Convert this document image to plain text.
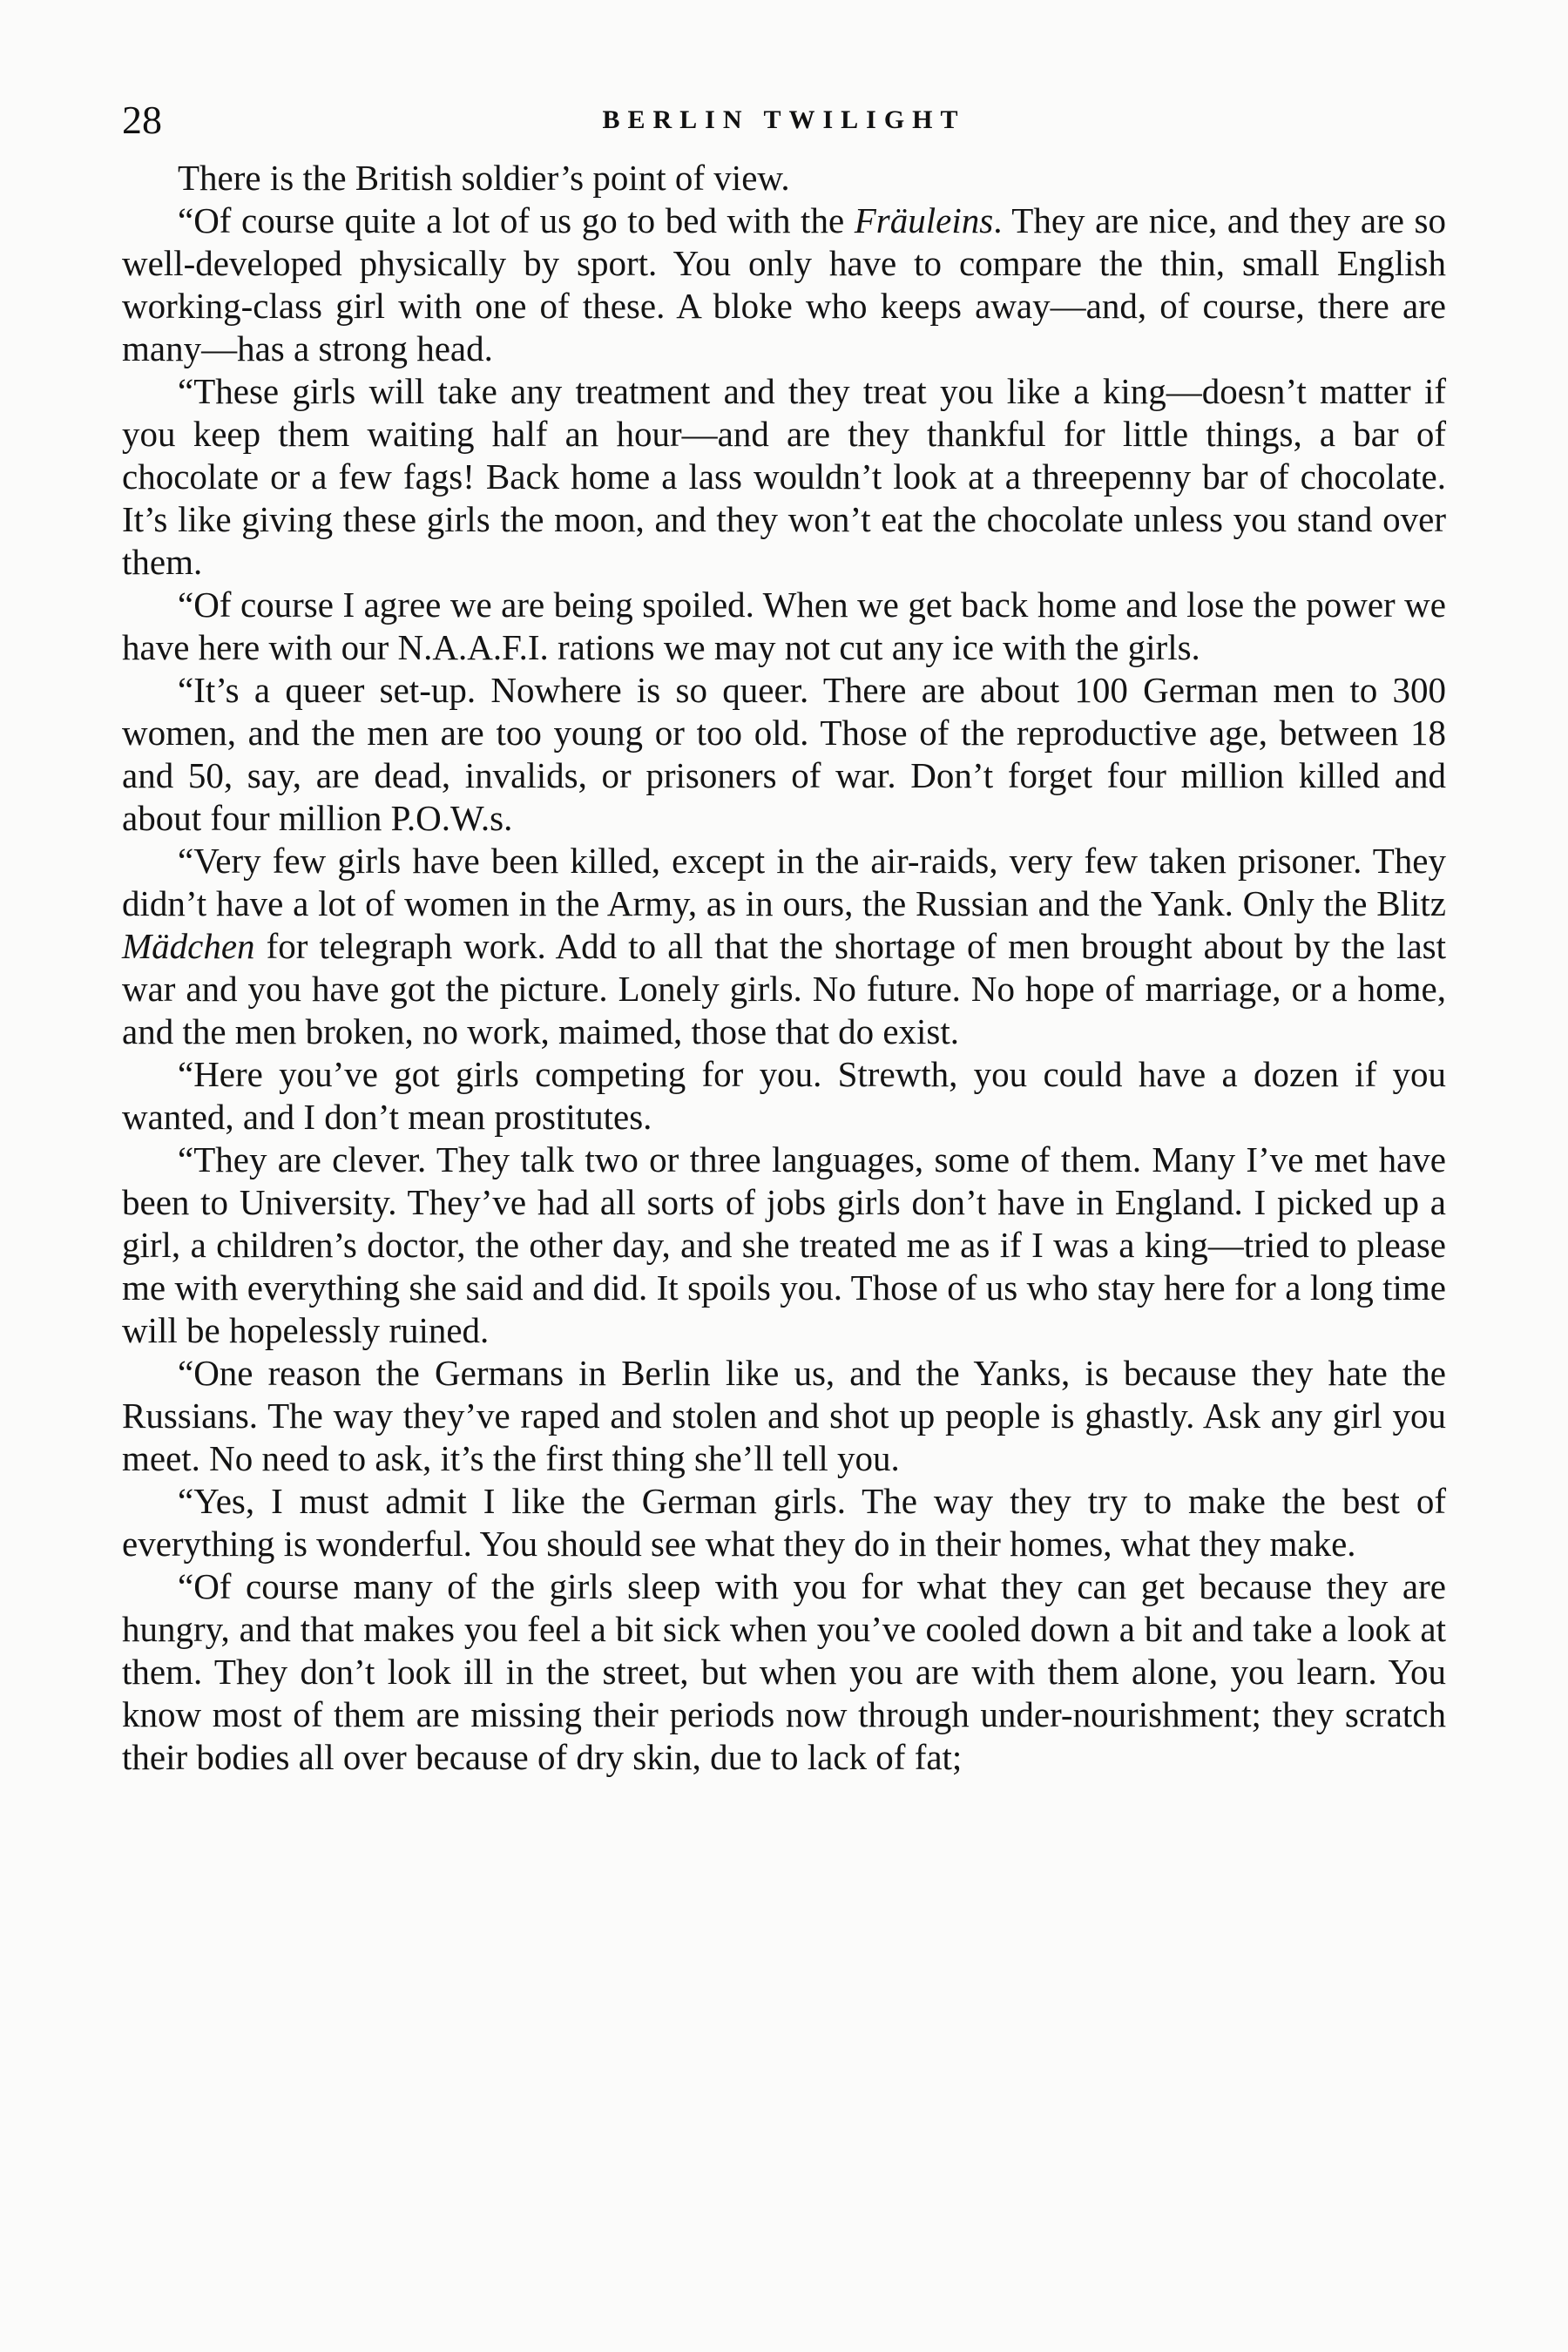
28	BERLIN TWILIGHT

There is the British soldier’s point of view.

“Of course quite a lot of us go to bed with the Fräuleins. They are nice, and they are so well-developed physically by sport. You only have to compare the thin, small English working-class girl with one of these. A bloke who keeps away—and, of course, there are many—has a strong head.

“These girls will take any treatment and they treat you like a king—doesn’t matter if you keep them waiting half an hour—and are they thankful for little things, a bar of chocolate or a few fags! Back home a lass wouldn’t look at a threepenny bar of chocolate. It’s like giving these girls the moon, and they won’t eat the chocolate unless you stand over them.

“Of course I agree we are being spoiled. When we get back home and lose the power we have here with our N.A.A.F.I. rations we may not cut any ice with the girls.

“It’s a queer set-up. Nowhere is so queer. There are about 100 German men to 300 women, and the men are too young or too old. Those of the reproductive age, between 18 and 50, say, are dead, invalids, or prisoners of war. Don’t forget four million killed and about four million P.O.W.s.

“Very few girls have been killed, except in the air-raids, very few taken prisoner. They didn’t have a lot of women in the Army, as in ours, the Russian and the Yank. Only the Blitz Mädchen for telegraph work. Add to all that the shortage of men brought about by the last war and you have got the picture. Lonely girls. No future. No hope of marriage, or a home, and the men broken, no work, maimed, those that do exist.

“Here you’ve got girls competing for you. Strewth, you could have a dozen if you wanted, and I don’t mean prostitutes.

“They are clever. They talk two or three languages, some of them. Many I’ve met have been to University. They’ve had all sorts of jobs girls don’t have in England. I picked up a girl, a children’s doctor, the other day, and she treated me as if I was a king—tried to please me with everything she said and did. It spoils you. Those of us who stay here for a long time will be hopelessly ruined.

“One reason the Germans in Berlin like us, and the Yanks, is because they hate the Russians. The way they’ve raped and stolen and shot up people is ghastly. Ask any girl you meet. No need to ask, it’s the first thing she’ll tell you.

“Yes, I must admit I like the German girls. The way they try to make the best of everything is wonderful. You should see what they do in their homes, what they make.

“Of course many of the girls sleep with you for what they can get because they are hungry, and that makes you feel a bit sick when you’ve cooled down a bit and take a look at them. They don’t look ill in the street, but when you are with them alone, you learn. You know most of them are missing their periods now through under-nourishment; they scratch their bodies all over because of dry skin, due to lack of fat;
